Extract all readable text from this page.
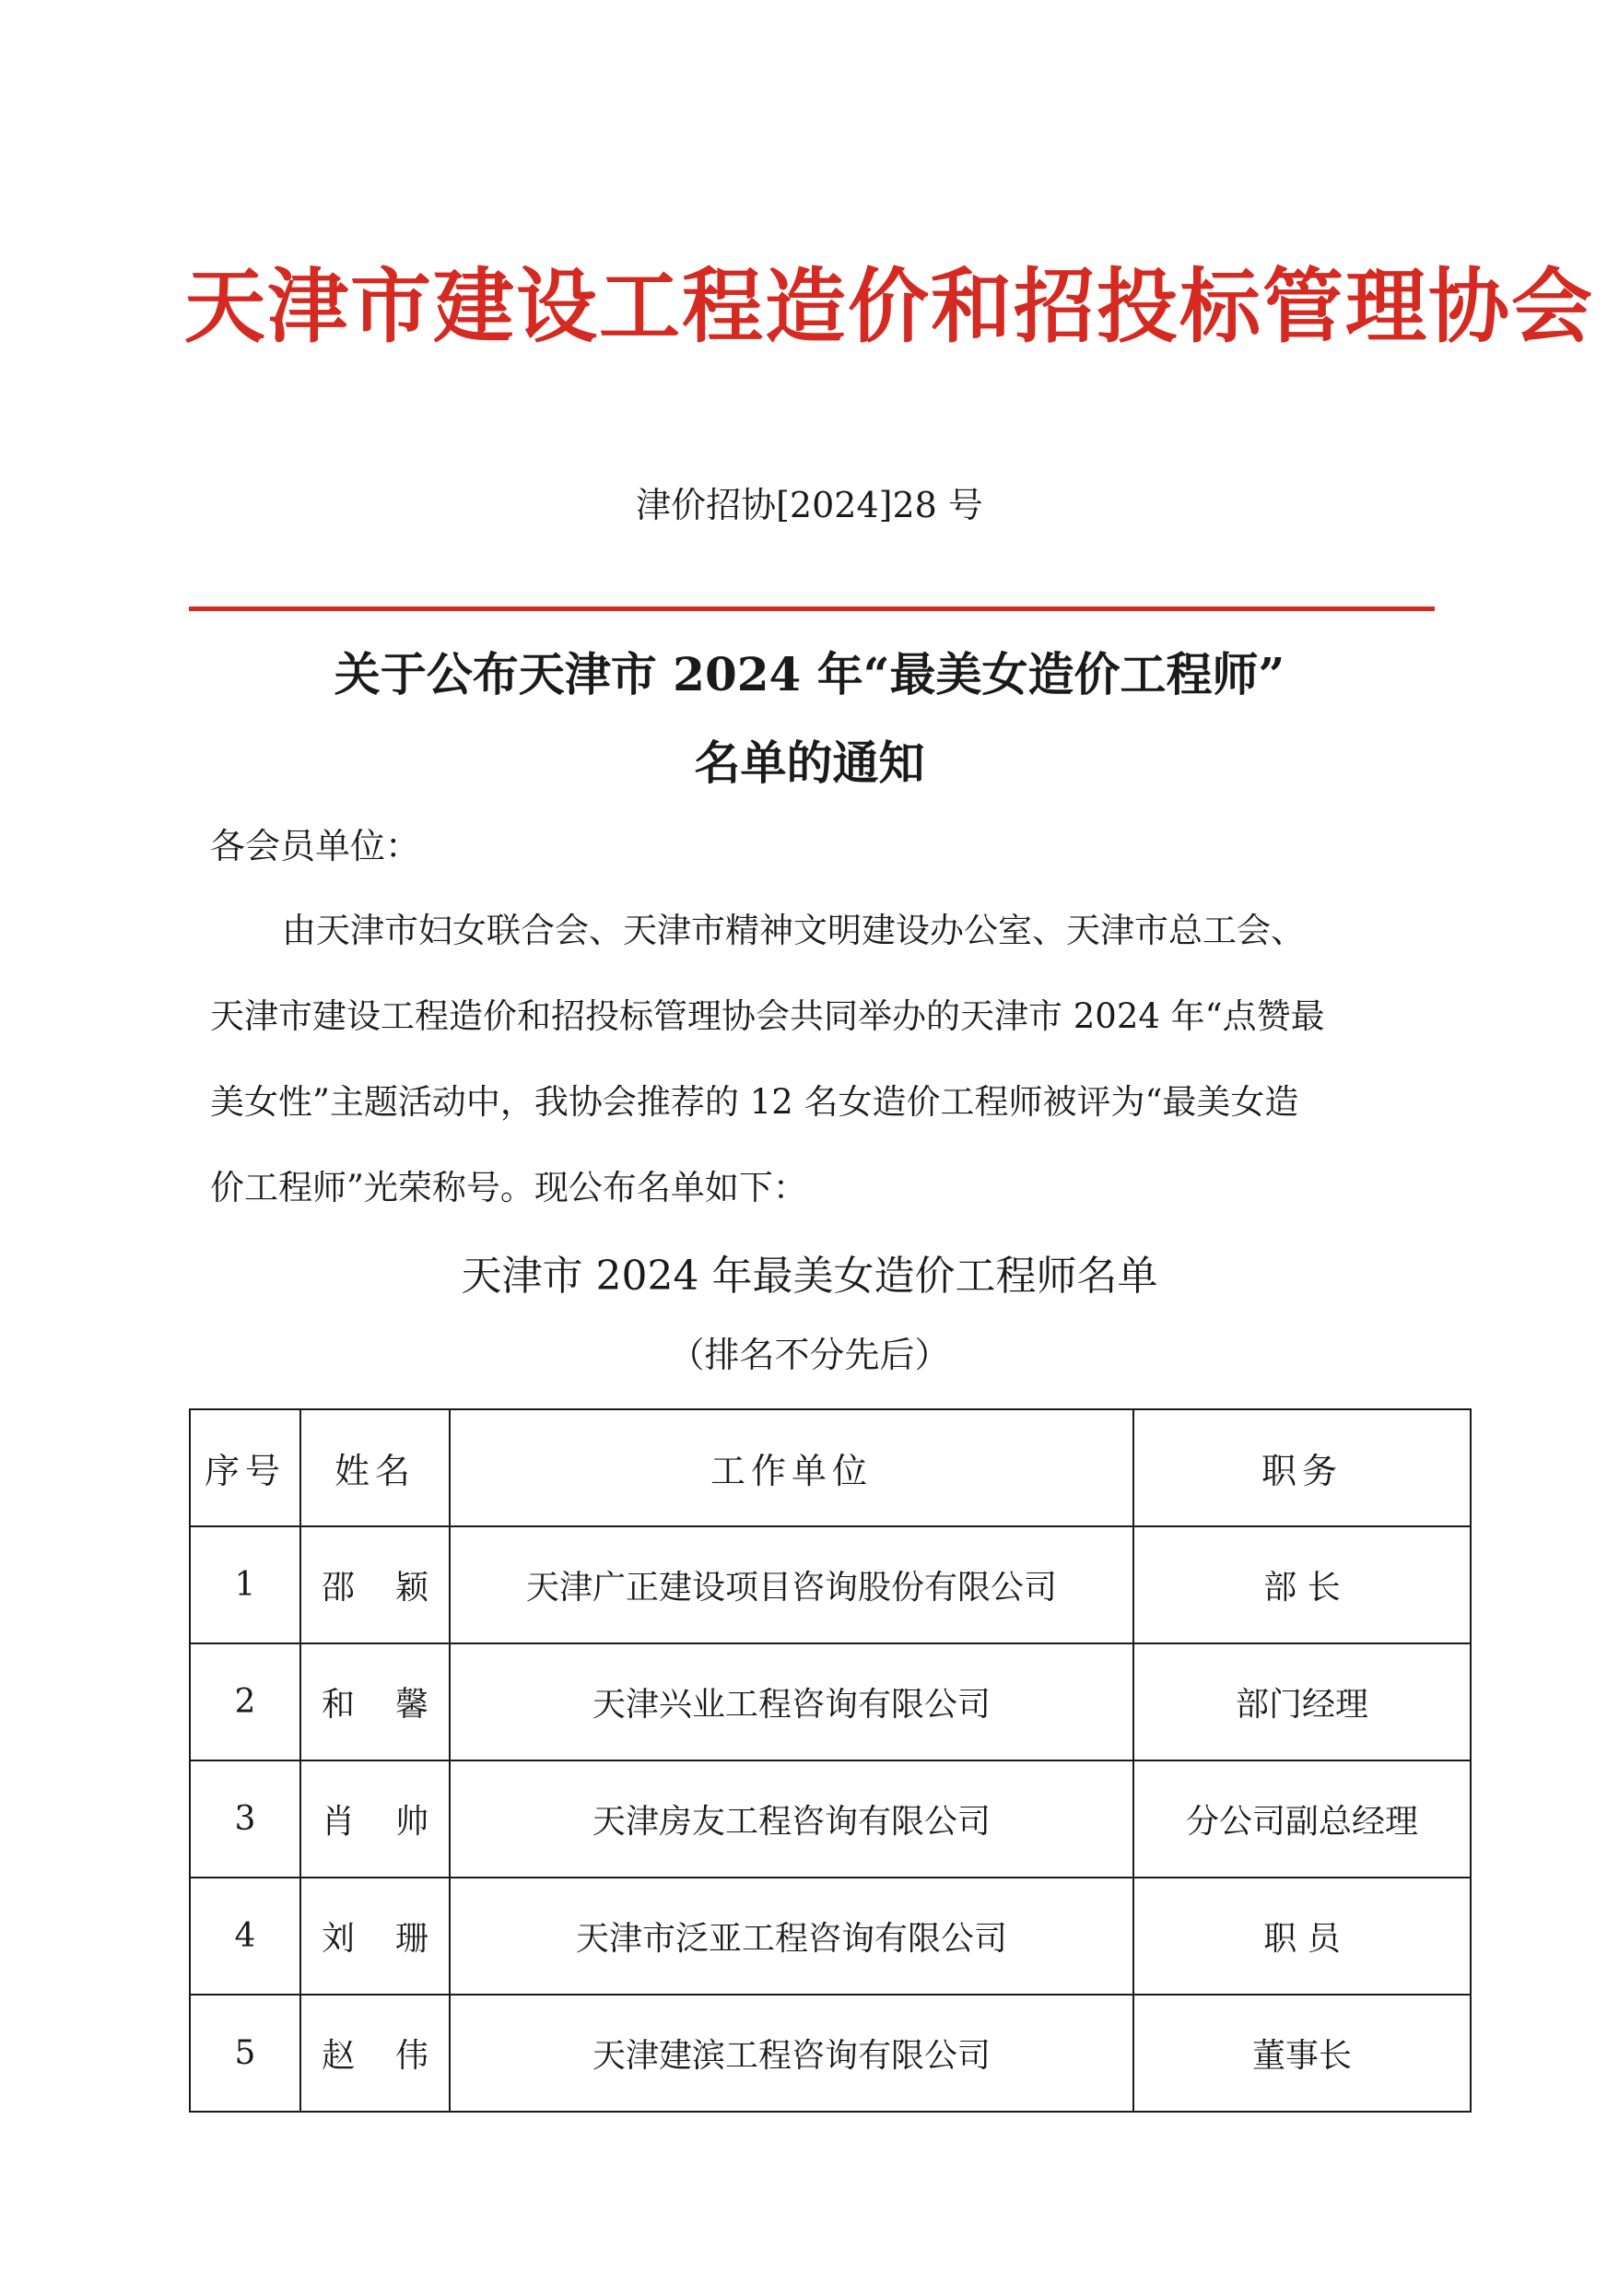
天津市建设工程造价和招投标管理协会
津价招协[2024]28 号
关于公布天津市 2024 年“最美女造价工程师”
名单的通知
各会员单位：
由天津市妇女联合会、天津市精神文明建设办公室、天津市总工会、
天津市建设工程造价和招投标管理协会共同举办的天津市 2024 年“点赞最
美女性”主题活动中，我协会推荐的 12 名女造价工程师被评为“最美女造
价工程师”光荣称号。现公布名单如下：
天津市 2024 年最美女造价工程师名单
（排名不分先后）
序号	姓名	工作单位	职务
1	邵 颖	天津广正建设项目咨询股份有限公司	部 长
2	和 馨	天津兴业工程咨询有限公司	部门经理
3	肖 帅	天津房友工程咨询有限公司	分公司副总经理
4	刘 珊	天津市泛亚工程咨询有限公司	职 员
5	赵 伟	天津建滨工程咨询有限公司	董事长
